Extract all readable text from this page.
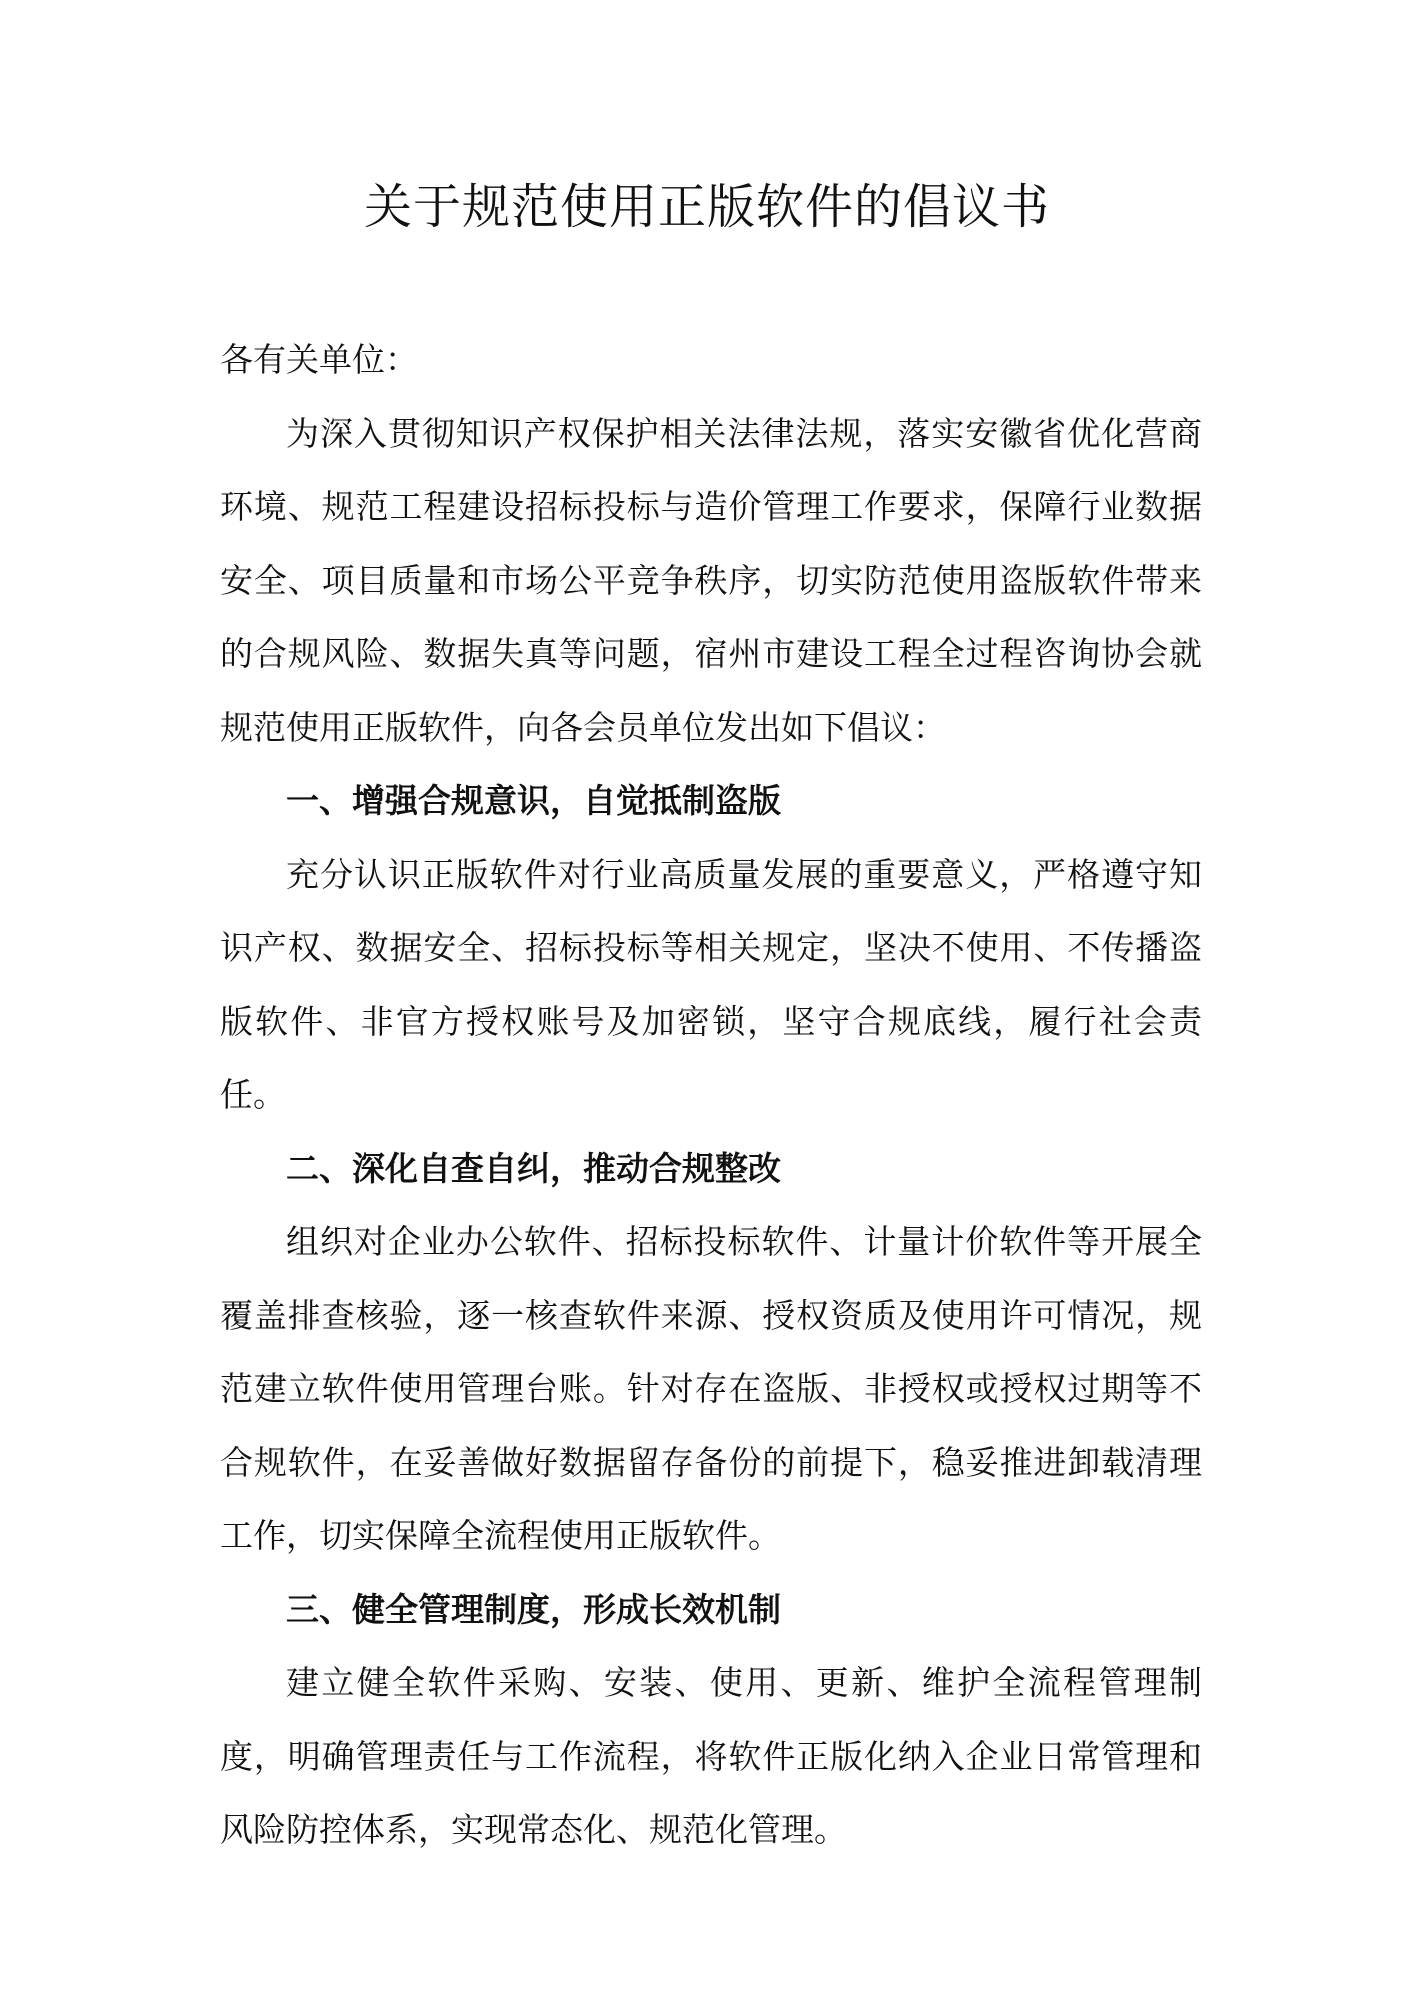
关于规范使用正版软件的倡议书

各有关单位：

为深入贯彻知识产权保护相关法律法规，落实安徽省优化营商环境、规范工程建设招标投标与造价管理工作要求，保障行业数据安全、项目质量和市场公平竞争秩序，切实防范使用盗版软件带来的合规风险、数据失真等问题，宿州市建设工程全过程咨询协会就规范使用正版软件，向各会员单位发出如下倡议：

一、增强合规意识，自觉抵制盗版

充分认识正版软件对行业高质量发展的重要意义，严格遵守知识产权、数据安全、招标投标等相关规定，坚决不使用、不传播盗版软件、非官方授权账号及加密锁，坚守合规底线，履行社会责任。

二、深化自查自纠，推动合规整改

组织对企业办公软件、招标投标软件、计量计价软件等开展全覆盖排查核验，逐一核查软件来源、授权资质及使用许可情况，规范建立软件使用管理台账。针对存在盗版、非授权或授权过期等不合规软件，在妥善做好数据留存备份的前提下，稳妥推进卸载清理工作，切实保障全流程使用正版软件。

三、健全管理制度，形成长效机制

建立健全软件采购、安装、使用、更新、维护全流程管理制度，明确管理责任与工作流程，将软件正版化纳入企业日常管理和风险防控体系，实现常态化、规范化管理。
